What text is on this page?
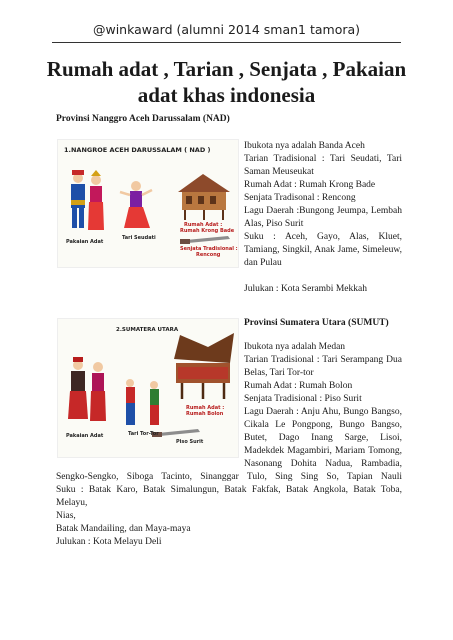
@winkaward (alumni 2014 sman1 tamora)
Rumah adat , Tarian , Senjata , Pakaian adat khas indonesia
Provinsi Nanggro Aceh Darussalam (NAD)
1.NANGROE ACEH DARUSSALAM ( NAD )
Pakaian Adat
Tari Seudati
Rumah Adat : Rumah Krong Bade
Senjata Tradisional : Rencong

Ibukota nya adalah Banda Aceh

Tarian Tradisional : Tari Seudati, Tari

Saman Meuseukat

Rumah Adat : Rumah Krong Bade

Senjata Tradisonal : Rencong

Lagu Daerah :Bungong Jeumpa, Lembah

Alas, Piso Surit

Suku : Aceh, Gayo, Alas, Kluet,

Tamiang, Singkil, Anak Jame, Simeleuw,

dan Pulau

Julukan : Kota Serambi Mekkah

2.SUMATERA UTARA
Pakaian Adat	Tari Tor-Tor
Rumah Adat : Rumah Bolon
Piso Surit
Provinsi Sumatera Utara (SUMUT)

Ibukota nya adalah Medan

Tarian Tradisional : Tari Serampang Dua

Belas, Tari Tor-tor

Rumah Adat : Rumah Bolon

Senjata Tradisional : Piso Surit

Lagu Daerah : Anju Ahu, Bungo Bangso,

Cikala Le Pongpong, Bungo Bangso,

Butet, Dago Inang Sarge, Lisoi,

Madekdek Magambiri, Mariam Tomong,

Nasonang Dohita Nadua, Rambadia,

Sengko-Sengko, Siboga Tacinto, Sinanggar Tulo, Sing Sing So, Tapian Nauli

Suku : Batak Karo, Batak Simalungun, Batak Fakfak, Batak Angkola, Batak Toba, Melayu,

Nias,

Batak Mandailing, dan Maya-maya

Julukan : Kota Melayu Deli
